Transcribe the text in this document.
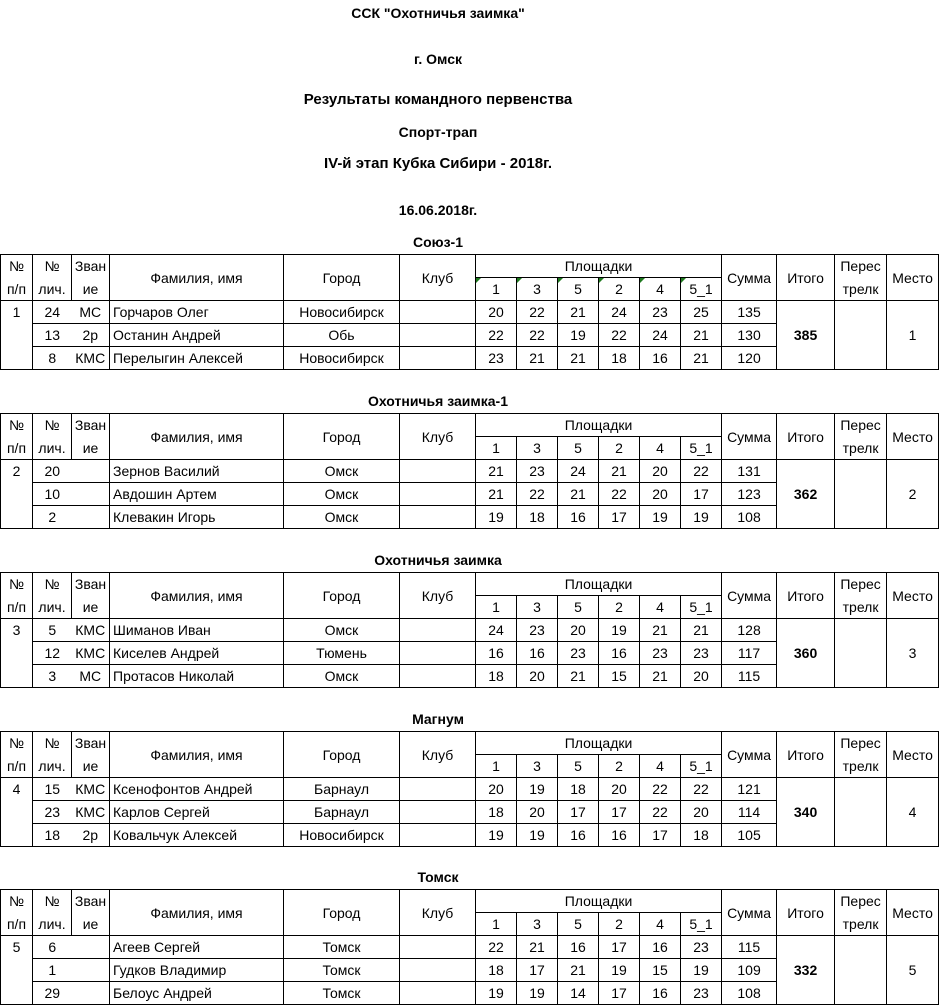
ССК "Охотничья заимка"
г. Омск
Результаты командного первенства
Спорт-трап
IV-й этап Кубка Сибири - 2018г.
16.06.2018г.
Союз-1
№	№	Зван	Фамилия, имя	Город	Клуб	Площадки						Сумма	Итого	Перес	Место
п/п	лич.	ие				1	3	5	2	4	5_1			трелк	
1	24	МС	Горчаров Олег	Новосибирск		20	22	21	24	23	25	135	385		1
	13	2р	Останин Андрей	Обь		22	22	19	22	24	21	130			
	8	КМС	Перелыгин Алексей	Новосибирск		23	21	21	18	16	21	120			
Охотничья заимка-1
№	№	Зван	Фамилия, имя	Город	Клуб	Площадки						Сумма	Итого	Перес	Место
п/п	лич.	ие				1	3	5	2	4	5_1			трелк	
2	20		Зернов Василий	Омск		21	23	24	21	20	22	131	362		2
	10		Авдошин Артем	Омск		21	22	21	22	20	17	123			
	2		Клевакин Игорь	Омск		19	18	16	17	19	19	108			
Охотничья заимка
№	№	Зван	Фамилия, имя	Город	Клуб	Площадки						Сумма	Итого	Перес	Место
п/п	лич.	ие				1	3	5	2	4	5_1			трелк	
3	5	КМС	Шиманов Иван	Омск		24	23	20	19	21	21	128	360		3
	12	КМС	Киселев Андрей	Тюмень		16	16	23	16	23	23	117			
	3	МС	Протасов Николай	Омск		18	20	21	15	21	20	115			
Магнум
№	№	Зван	Фамилия, имя	Город	Клуб	Площадки						Сумма	Итого	Перес	Место
п/п	лич.	ие				1	3	5	2	4	5_1			трелк	
4	15	КМС	Ксенофонтов Андрей	Барнаул		20	19	18	20	22	22	121	340		4
	23	КМС	Карлов Сергей	Барнаул		18	20	17	17	22	20	114			
	18	2р	Ковальчук Алексей	Новосибирск		19	19	16	16	17	18	105			
Томск
№	№	Зван	Фамилия, имя	Город	Клуб	Площадки						Сумма	Итого	Перес	Место
п/п	лич.	ие				1	3	5	2	4	5_1			трелк	
5	6		Агеев Сергей	Томск		22	21	16	17	16	23	115	332		5
	1		Гудков Владимир	Томск		18	17	21	19	15	19	109			
	29		Белоус Андрей	Томск		19	19	14	17	16	23	108			
